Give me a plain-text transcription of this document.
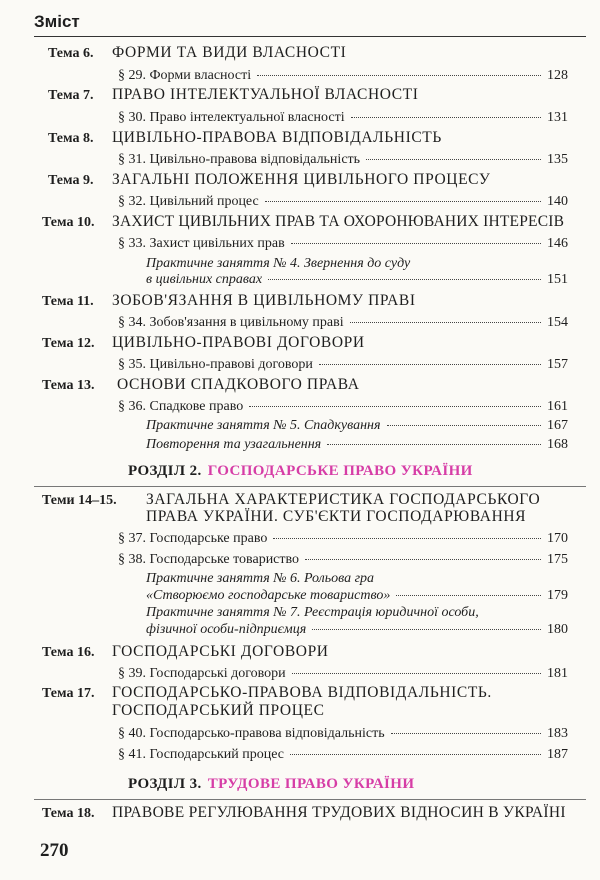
Зміст
Тема 6. ФОРМИ ТА ВИДИ ВЛАСНОСТІ
§ 29. Форми власності	128
Тема 7. ПРАВО ІНТЕЛЕКТУАЛЬНОЇ ВЛАСНОСТІ
§ 30. Право інтелектуальної власності	131
Тема 8. ЦИВІЛЬНО-ПРАВОВА ВІДПОВІДАЛЬНІСТЬ
§ 31. Цивільно-правова відповідальність	135
Тема 9. ЗАГАЛЬНІ ПОЛОЖЕННЯ ЦИВІЛЬНОГО ПРОЦЕСУ
§ 32. Цивільний процес	140
Тема 10. ЗАХИСТ ЦИВІЛЬНИХ ПРАВ ТА ОХОРОНЮВАНИХ ІНТЕРЕСІВ
§ 33. Захист цивільних прав	146
Практичне заняття № 4. Звернення до суду
в цивільних справах	151
Тема 11. ЗОБОВ'ЯЗАННЯ В ЦИВІЛЬНОМУ ПРАВІ
§ 34. Зобов'язання в цивільному праві	154
Тема 12. ЦИВІЛЬНО-ПРАВОВІ ДОГОВОРИ
§ 35. Цивільно-правові договори	157
Тема 13. ОСНОВИ СПАДКОВОГО ПРАВА
§ 36. Спадкове право	161
Практичне заняття № 5. Спадкування	167
Повторення та узагальнення	168
РОЗДІЛ 2. ГОСПОДАРСЬКЕ ПРАВО УКРАЇНИ
Теми 14–15. ЗАГАЛЬНА ХАРАКТЕРИСТИКА ГОСПОДАРСЬКОГО
ПРАВА УКРАЇНИ. СУБ'ЄКТИ ГОСПОДАРЮВАННЯ
§ 37. Господарське право	170
§ 38. Господарське товариство	175
Практичне заняття № 6. Рольова гра
«Створюємо господарське товариство»	179
Практичне заняття № 7. Реєстрація юридичної особи,
фізичної особи-підприємця	180
Тема 16. ГОСПОДАРСЬКІ ДОГОВОРИ
§ 39. Господарські договори	181
Тема 17. ГОСПОДАРСЬКО-ПРАВОВА ВІДПОВІДАЛЬНІСТЬ.
ГОСПОДАРСЬКИЙ ПРОЦЕС
§ 40. Господарсько-правова відповідальність	183
§ 41. Господарський процес	187
РОЗДІЛ 3. ТРУДОВЕ ПРАВО УКРАЇНИ
Тема 18. ПРАВОВЕ РЕГУЛЮВАННЯ ТРУДОВИХ ВІДНОСИН В УКРАЇНІ
270
